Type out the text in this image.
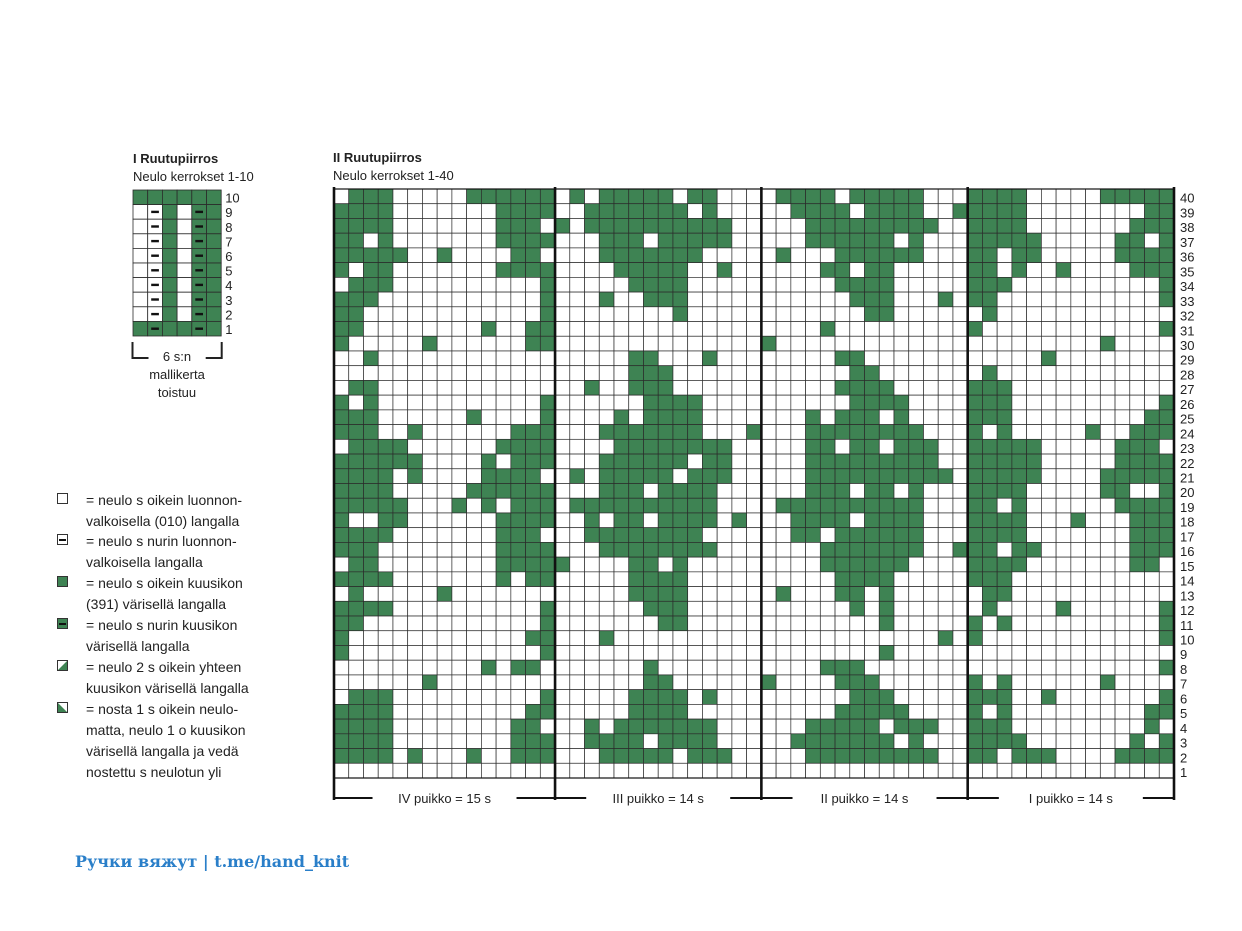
I Ruutupiirros
Neulo kerrokset 1-10
II Ruutupiirros
Neulo kerrokset 1-40
10
9
8
7
6
5
4
3
2
1
6 s:n
mallikerta
toistuu
40
39
38
37
36
35
34
33
32
31
30
29
28
27
26
25
24
23
22
21
20
19
18
17
16
15
14
13
12
11
10
9
8
7
6
5
4
3
2
1
IV puikko = 15 s	III puikko = 14 s	II puikko = 14 s	I puikko = 14 s
= neulo s oikein luonnon-
valkoisella (010) langalla
= neulo s nurin luonnon-
valkoisella langalla
= neulo s oikein kuusikon
(391) värisellä langalla
= neulo s nurin kuusikon
värisellä langalla
= neulo 2 s oikein yhteen
kuusikon värisellä langalla
= nosta 1 s oikein neulo-
matta, neulo 1 o kuusikon
värisellä langalla ja vedä
nostettu s neulotun yli
Ручки вяжут | t.me/hand_knit
